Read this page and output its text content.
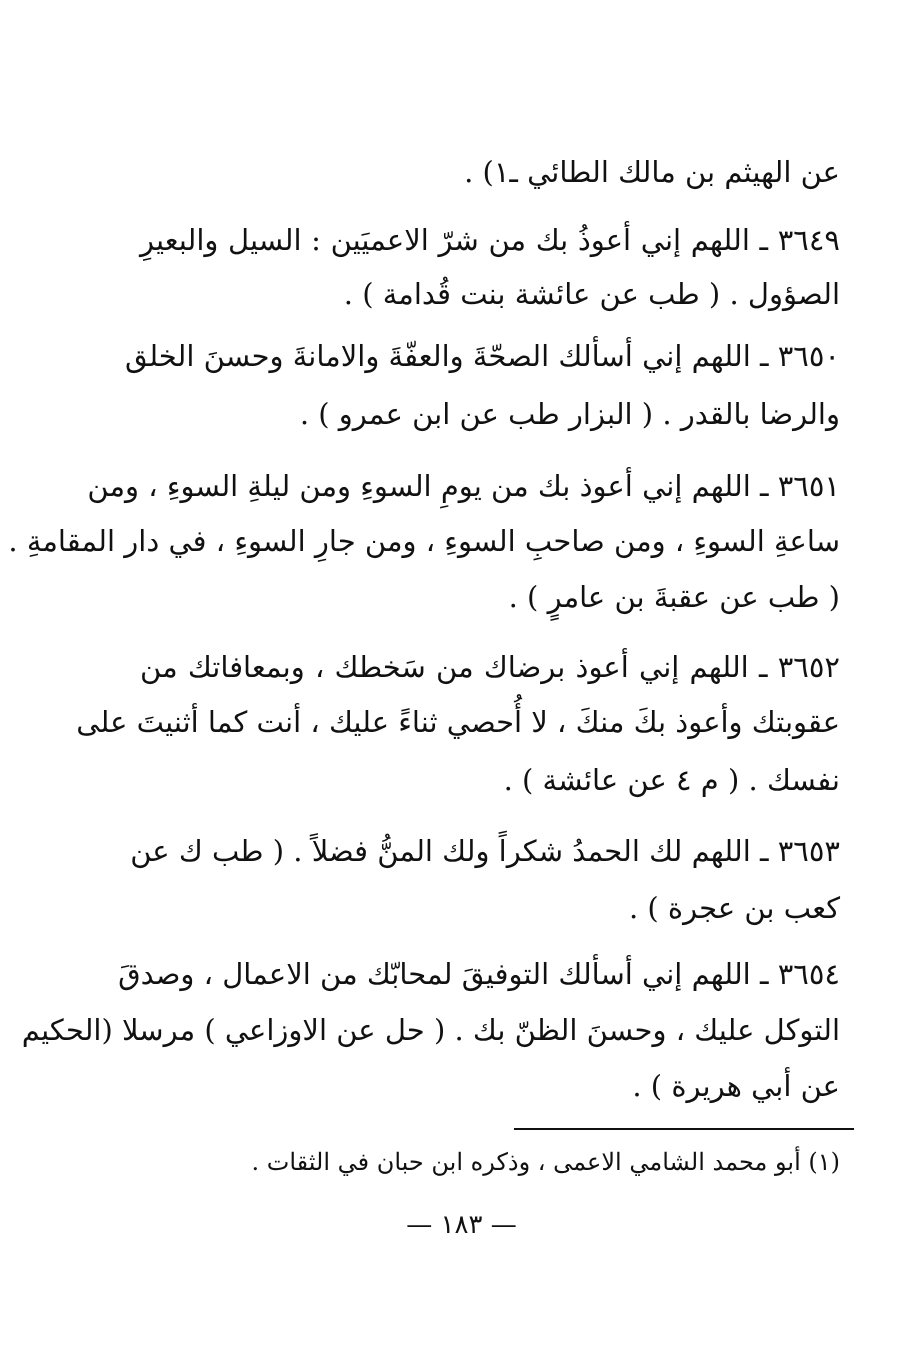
عن الهيثم بن مالك الطائي ـ١) .
٣٦٤٩ ـ اللهم إني أعوذُ بك من شرّ الاعميَين : السيل والبعيرِ
الصؤول . ( طب عن عائشة بنت قُدامة ) .
٣٦٥٠ ـ اللهم إني أسألك الصحّةَ والعفّةَ والامانةَ وحسنَ الخلق
والرضا بالقدر . ( البزار طب عن ابن عمرو ) .
٣٦٥١ ـ اللهم إني أعوذ بك من يومِ السوءِ ومن ليلةِ السوءِ ، ومن
ساعةِ السوءِ ، ومن صاحبِ السوءِ ، ومن جارِ السوءِ ، في دار المقامةِ .
( طب عن عقبةَ بن عامرٍ ) .
٣٦٥٢ ـ اللهم إني أعوذ برضاك من سَخطك ، وبمعافاتك من
عقوبتك وأعوذ بكَ منكَ ، لا أُحصي ثناءً عليك ، أنت كما أثنيتَ على
نفسك . ( م ٤ عن عائشة ) .
٣٦٥٣ ـ اللهم لك الحمدُ شكراً ولك المنُّ فضلاً . ( طب ك عن
كعب بن عجرة ) .
٣٦٥٤ ـ اللهم إني أسألك التوفيقَ لمحابّك من الاعمال ، وصدقَ
التوكل عليك ، وحسنَ الظنّ بك . ( حل عن الاوزاعي ) مرسلا (الحكيم
عن أبي هريرة ) .
(١) أبو محمد الشامي الاعمى ، وذكره ابن حبان في الثقات .
— ١٨٣ —
